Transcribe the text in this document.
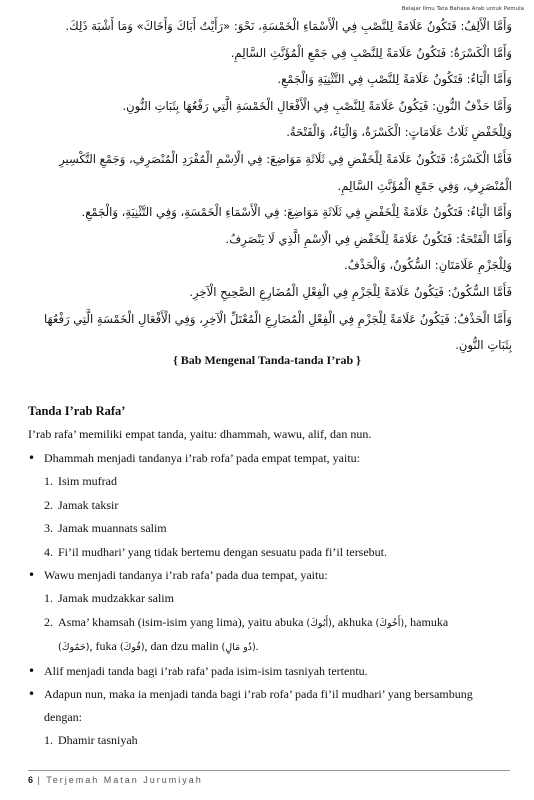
Belajar Ilmu Tata Bahasa Arab untuk Pemula
وَأَمَّا الْأَلِفُ: فَتَكُونُ عَلَامَةً لِلنَّصْبِ فِي الْأَسْمَاءِ الْخَمْسَةِ، نَحْوَ: «رَأَيْتُ أَبَاكَ وَأَخَاكَ» وَمَا أَشْبَهَ ذَلِكَ.
وَأَمَّا الْكَسْرَةُ: فَتَكُونُ عَلَامَةً لِلنَّصْبِ فِي جَمْعِ الْمُؤَنَّثِ السَّالِمِ.
وَأَمَّا الْيَاءُ: فَتَكُونُ عَلَامَةً لِلنَّصْبِ فِي التَّثْنِيَةِ وَالْجَمْعِ.
وَأَمَّا حَذْفُ النُّونِ: فَيَكُونُ عَلَامَةً لِلنَّصْبِ فِي الْأَفْعَالِ الْخَمْسَةِ الَّتِي رَفْعُهَا بِثَبَاتِ النُّونِ.
وَلِلْخَفْضِ ثَلَاثُ عَلَامَاتٍ: الْكَسْرَةُ، وَالْيَاءُ، وَالْفَتْحَةُ.
فَأَمَّا الْكَسْرَةُ: فَتَكُونُ عَلَامَةً لِلْخَفْضِ فِي ثَلَاثَةِ مَوَاضِعَ: فِي الْاِسْمِ الْمُفْرَدِ الْمُنْصَرِفِ، وَجَمْعِ التَّكْسِيرِ
الْمُنْصَرِفِ، وَفِي جَمْعِ الْمُؤَنَّثِ السَّالِمِ.
وَأَمَّا الْيَاءُ: فَتَكُونُ عَلَامَةً لِلْخَفْضِ فِي ثَلَاثَةِ مَوَاضِعَ: فِي الْأَسْمَاءِ الْخَمْسَةِ، وَفِي التَّثْنِيَةِ، وَالْجَمْعِ.
وَأَمَّا الْفَتْحَةُ: فَتَكُونُ عَلَامَةً لِلْخَفْضِ فِي الْاِسْمِ الَّذِي لَا يَنْصَرِفُ.
وَلِلْجَزْمِ عَلَامَتَانِ: السُّكُونُ، وَالْحَذْفُ.
فَأَمَّا السُّكُونُ: فَيَكُونُ عَلَامَةً لِلْجَزْمِ فِي الْفِعْلِ الْمُضَارِعِ الصَّحِيحِ الْآخِرِ.
وَأَمَّا الْحَذْفُ: فَيَكُونُ عَلَامَةً لِلْجَزْمِ فِي الْفِعْلِ الْمُضَارِعِ الْمُعْتَلِّ الْآخِرِ، وَفِي الْأَفْعَالِ الْخَمْسَةِ الَّتِي رَفْعُهَا
بِثَبَاتِ النُّونِ.
{ Bab Mengenal Tanda-tanda I’rab }
Tanda I’rab Rafa’
I’rab rafa’ memiliki empat tanda, yaitu: dhammah, wawu, alif, dan nun.
• Dhammah menjadi tandanya i’rab rofa’ pada empat tempat, yaitu:
1. Isim mufrad
2. Jamak taksir
3. Jamak muannats salim
4. Fi’il mudhari’ yang tidak bertemu dengan sesuatu pada fi’il tersebut.
• Wawu menjadi tandanya i’rab rafa’ pada dua tempat, yaitu:
1. Jamak mudzakkar salim
2. Asma’ khamsah (isim-isim yang lima), yaitu abuka (أَبُوكَ), akhuka (أَخُوكَ), hamuka
(حَمُوكَ), fuka (فُوكَ), dan dzu malin (ذُو مَالٍ).
• Alif menjadi tanda bagi i’rab rafa’ pada isim-isim tasniyah tertentu.
• Adapun nun, maka ia menjadi tanda bagi i’rab rofa’ pada fi’il mudhari’ yang bersambung
dengan:
1. Dhamir tasniyah
6 | Terjemah Matan Jurumiyah
